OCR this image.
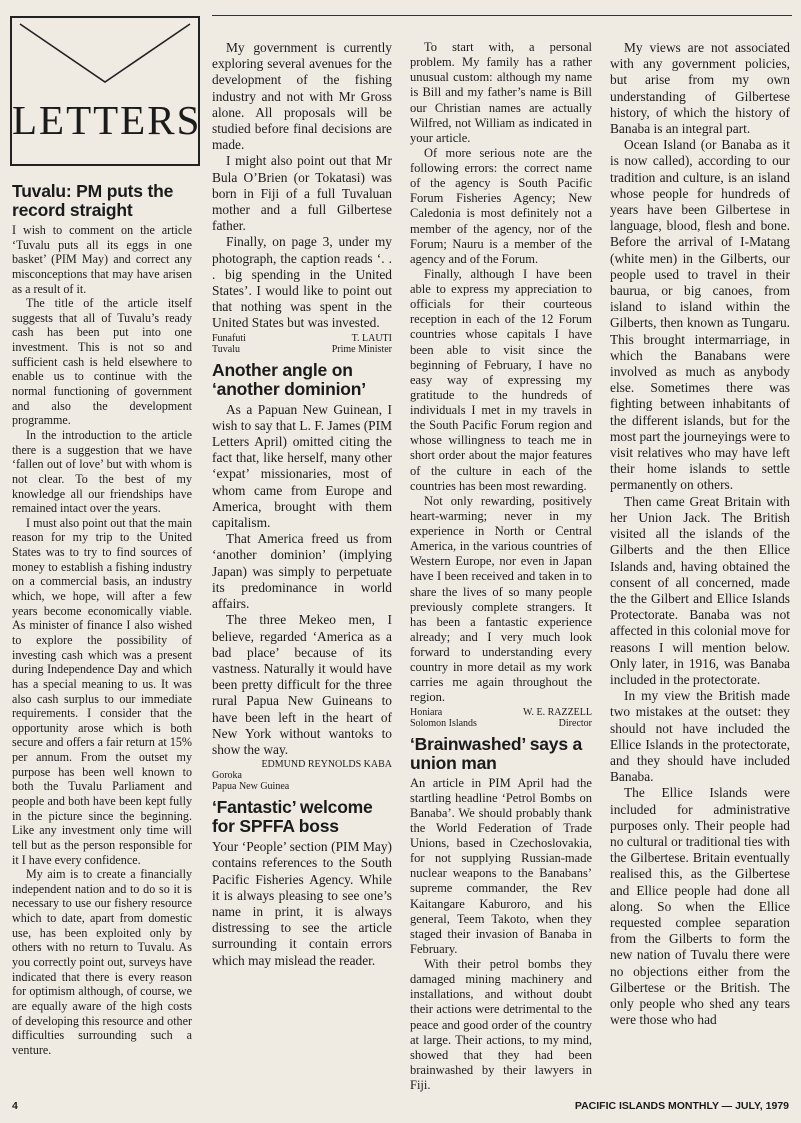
LETTERS
Tuvalu: PM puts the record straight

I wish to comment on the article ‘Tuvalu puts all its eggs in one basket’ (PIM May) and correct any misconceptions that may have arisen as a result of it.

The title of the article itself suggests that all of Tuvalu’s ready cash has been put into one investment. This is not so and sufficient cash is held elsewhere to enable us to continue with the normal functioning of government and also the development programme.

In the introduction to the article there is a suggestion that we have ‘fallen out of love’ but with whom is not clear. To the best of my knowledge all our friendships have remained intact over the years.

I must also point out that the main reason for my trip to the United States was to try to find sources of money to establish a fishing industry on a commercial basis, an industry which, we hope, will after a few years become economically viable. As minister of finance I also wished to explore the possibility of investing cash which was a present during Independence Day and which has a special meaning to us. It was also cash surplus to our immediate requirements. I consider that the opportunity arose which is both secure and offers a fair return at 15% per annum. From the outset my purpose has been well known to both the Tuvalu Parliament and people and both have been kept fully in the picture since the beginning. Like any investment only time will tell but as the person responsible for it I have every confidence.

My aim is to create a financially independent nation and to do so it is necessary to use our fishery resource which to date, apart from domestic use, has been exploited only by others with no return to Tuvalu. As you correctly point out, surveys have indicated that there is every reason for optimism although, of course, we are equally aware of the high costs of developing this resource and other difficulties surrounding such a venture.

My government is currently exploring several avenues for the development of the fishing industry and not with Mr Gross alone. All proposals will be studied before final decisions are made.

I might also point out that Mr Bula O’Brien (or Tokatasi) was born in Fiji of a full Tuvaluan mother and a full Gilbertese father.

Finally, on page 3, under my photograph, the caption reads ‘. . . big spending in the United States’. I would like to point out that nothing was spent in the United States but was invested.

Funafuti
Tuvalu
T. LAUTI
Prime Minister
Another angle on ‘another dominion’

As a Papuan New Guinean, I wish to say that L. F. James (PIM Letters April) omitted citing the fact that, like herself, many other ‘expat’ missionaries, most of whom came from Europe and America, brought with them capitalism.

That America freed us from ‘another dominion’ (implying Japan) was simply to perpetuate its predominance in world affairs.

The three Mekeo men, I believe, regarded ‘America as a bad place’ because of its vastness. Naturally it would have been pretty difficult for the three rural Papua New Guineans to have been left in the heart of New York without wantoks to show the way.

EDMUND REYNOLDS KABA
Goroka
Papua New Guinea
‘Fantastic’ welcome for SPFFA boss

Your ‘People’ section (PIM May) contains references to the South Pacific Fisheries Agency. While it is always pleasing to see one’s name in print, it is always distressing to see the article surrounding it contain errors which may mislead the reader.

To start with, a personal problem. My family has a rather unusual custom: although my name is Bill and my father’s name is Bill our Christian names are actually Wilfred, not William as indicated in your article.

Of more serious note are the following errors: the correct name of the agency is South Pacific Forum Fisheries Agency; New Caledonia is most definitely not a member of the agency, nor of the Forum; Nauru is a member of the agency and of the Forum.

Finally, although I have been able to express my appreciation to officials for their courteous reception in each of the 12 Forum countries whose capitals I have been able to visit since the beginning of February, I have no easy way of expressing my gratitude to the hundreds of individuals I met in my travels in the South Pacific Forum region and whose willingness to teach me in short order about the major features of the culture in each of the countries has been most rewarding.

Not only rewarding, positively heart-warming; never in my experience in North or Central America, in the various countries of Western Europe, nor even in Japan have I been received and taken in to share the lives of so many people previously complete strangers. It has been a fantastic experience already; and I very much look forward to understanding every country in more detail as my work carries me again throughout the region.

Honiara
Solomon Islands
W. E. RAZZELL
Director
‘Brainwashed’ says a union man

An article in PIM April had the startling headline ‘Petrol Bombs on Banaba’. We should probably thank the World Federation of Trade Unions, based in Czechoslovakia, for not supplying Russian-made nuclear weapons to the Banabans’ supreme commander, the Rev Kaitangare Kaburoro, and his general, Teem Takoto, when they staged their invasion of Banaba in February.

With their petrol bombs they damaged mining machinery and installations, and without doubt their actions were detrimental to the peace and good order of the country at large. Their actions, to my mind, showed that they had been brainwashed by their lawyers in Fiji.

My views are not associated with any government policies, but arise from my own understanding of Gilbertese history, of which the history of Banaba is an integral part.

Ocean Island (or Banaba as it is now called), according to our tradition and culture, is an island whose people for hundreds of years have been Gilbertese in language, blood, flesh and bone. Before the arrival of I-Matang (white men) in the Gilberts, our people used to travel in their baurua, or big canoes, from island to island within the Gilberts, then known as Tungaru. This brought intermarriage, in which the Banabans were involved as much as anybody else. Sometimes there was fighting between inhabitants of the different islands, but for the most part the journeyings were to visit relatives who may have left their home islands to settle permanently on others.

Then came Great Britain with her Union Jack. The British visited all the islands of the Gilberts and the then Ellice Islands and, having obtained the consent of all concerned, made the the Gilbert and Ellice Islands Protectorate. Banaba was not affected in this colonial move for reasons I will mention below. Only later, in 1916, was Banaba included in the protectorate.

In my view the British made two mistakes at the outset: they should not have included the Ellice Islands in the protectorate, and they should have included Banaba.

The Ellice Islands were included for administrative purposes only. Their people had no cultural or traditional ties with the Gilbertese. Britain eventually realised this, as the Gilbertese and Ellice people had done all along. So when the Ellice requested complee separation from the Gilberts to form the new nation of Tuvalu there were no objections either from the Gilbertese or the British. The only people who shed any tears were those who had

4	PACIFIC ISLANDS MONTHLY — JULY, 1979
